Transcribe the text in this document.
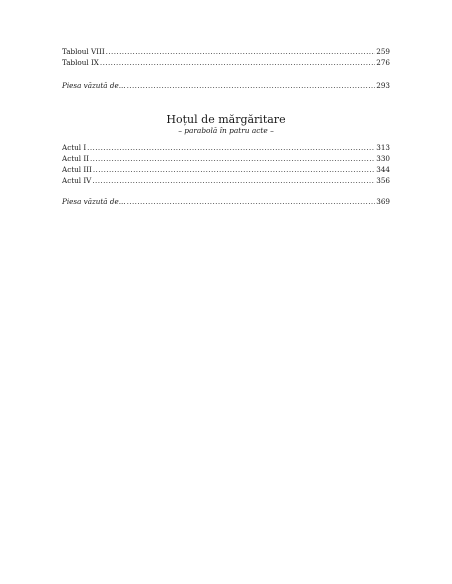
Tabloul VIII .....	259
Tabloul IX .....	276
Piesa văzută de... .....	293
Hoțul de mărgăritare
– parabolă în patru acte –
Actul I .....	313
Actul II .....	330
Actul III .....	344
Actul IV .....	356
Piesa văzută de... .....	369
